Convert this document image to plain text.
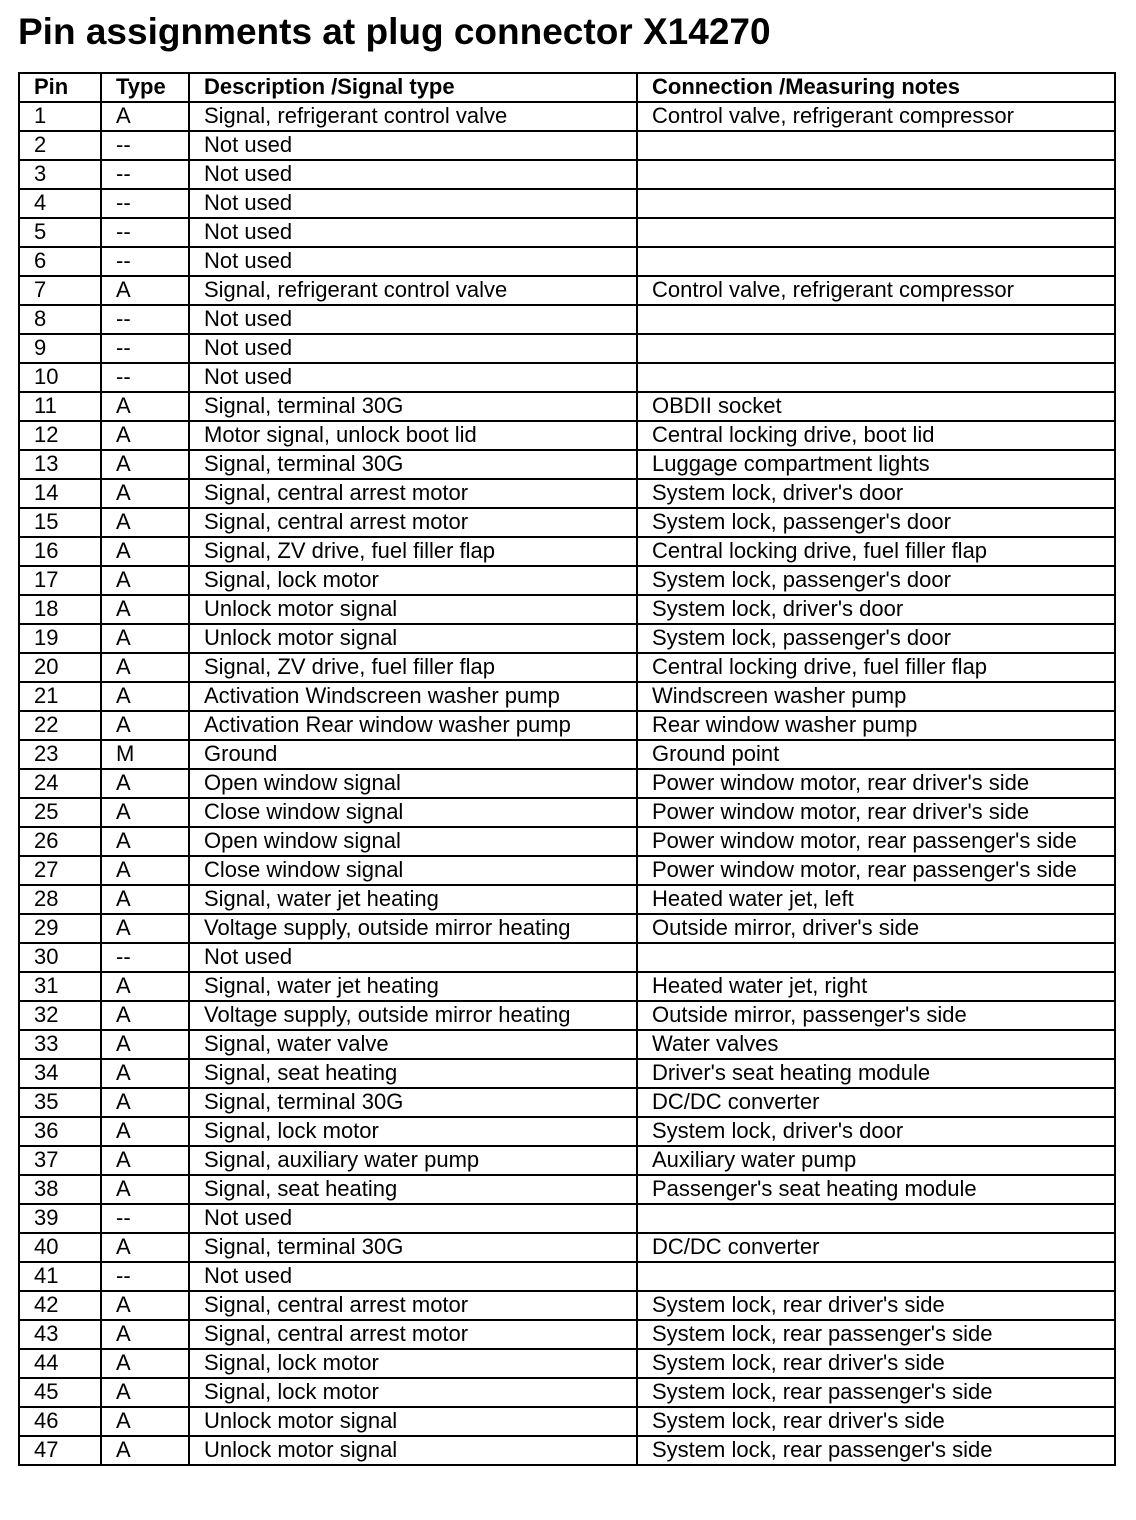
Pin assignments at plug connector X14270
Pin	Type	Description /Signal type	Connection /Measuring notes
1	A	Signal, refrigerant control valve	Control valve, refrigerant compressor
2	--	Not used	
3	--	Not used	
4	--	Not used	
5	--	Not used	
6	--	Not used	
7	A	Signal, refrigerant control valve	Control valve, refrigerant compressor
8	--	Not used	
9	--	Not used	
10	--	Not used	
11	A	Signal, terminal 30G	OBDII socket
12	A	Motor signal, unlock boot lid	Central locking drive, boot lid
13	A	Signal, terminal 30G	Luggage compartment lights
14	A	Signal, central arrest motor	System lock, driver's door
15	A	Signal, central arrest motor	System lock, passenger's door
16	A	Signal, ZV drive, fuel filler flap	Central locking drive, fuel filler flap
17	A	Signal, lock motor	System lock, passenger's door
18	A	Unlock motor signal	System lock, driver's door
19	A	Unlock motor signal	System lock, passenger's door
20	A	Signal, ZV drive, fuel filler flap	Central locking drive, fuel filler flap
21	A	Activation Windscreen washer pump	Windscreen washer pump
22	A	Activation Rear window washer pump	Rear window washer pump
23	M	Ground	Ground point
24	A	Open window signal	Power window motor, rear driver's side
25	A	Close window signal	Power window motor, rear driver's side
26	A	Open window signal	Power window motor, rear passenger's side
27	A	Close window signal	Power window motor, rear passenger's side
28	A	Signal, water jet heating	Heated water jet, left
29	A	Voltage supply, outside mirror heating	Outside mirror, driver's side
30	--	Not used	
31	A	Signal, water jet heating	Heated water jet, right
32	A	Voltage supply, outside mirror heating	Outside mirror, passenger's side
33	A	Signal, water valve	Water valves
34	A	Signal, seat heating	Driver's seat heating module
35	A	Signal, terminal 30G	DC/DC converter
36	A	Signal, lock motor	System lock, driver's door
37	A	Signal, auxiliary water pump	Auxiliary water pump
38	A	Signal, seat heating	Passenger's seat heating module
39	--	Not used	
40	A	Signal, terminal 30G	DC/DC converter
41	--	Not used	
42	A	Signal, central arrest motor	System lock, rear driver's side
43	A	Signal, central arrest motor	System lock, rear passenger's side
44	A	Signal, lock motor	System lock, rear driver's side
45	A	Signal, lock motor	System lock, rear passenger's side
46	A	Unlock motor signal	System lock, rear driver's side
47	A	Unlock motor signal	System lock, rear passenger's side
